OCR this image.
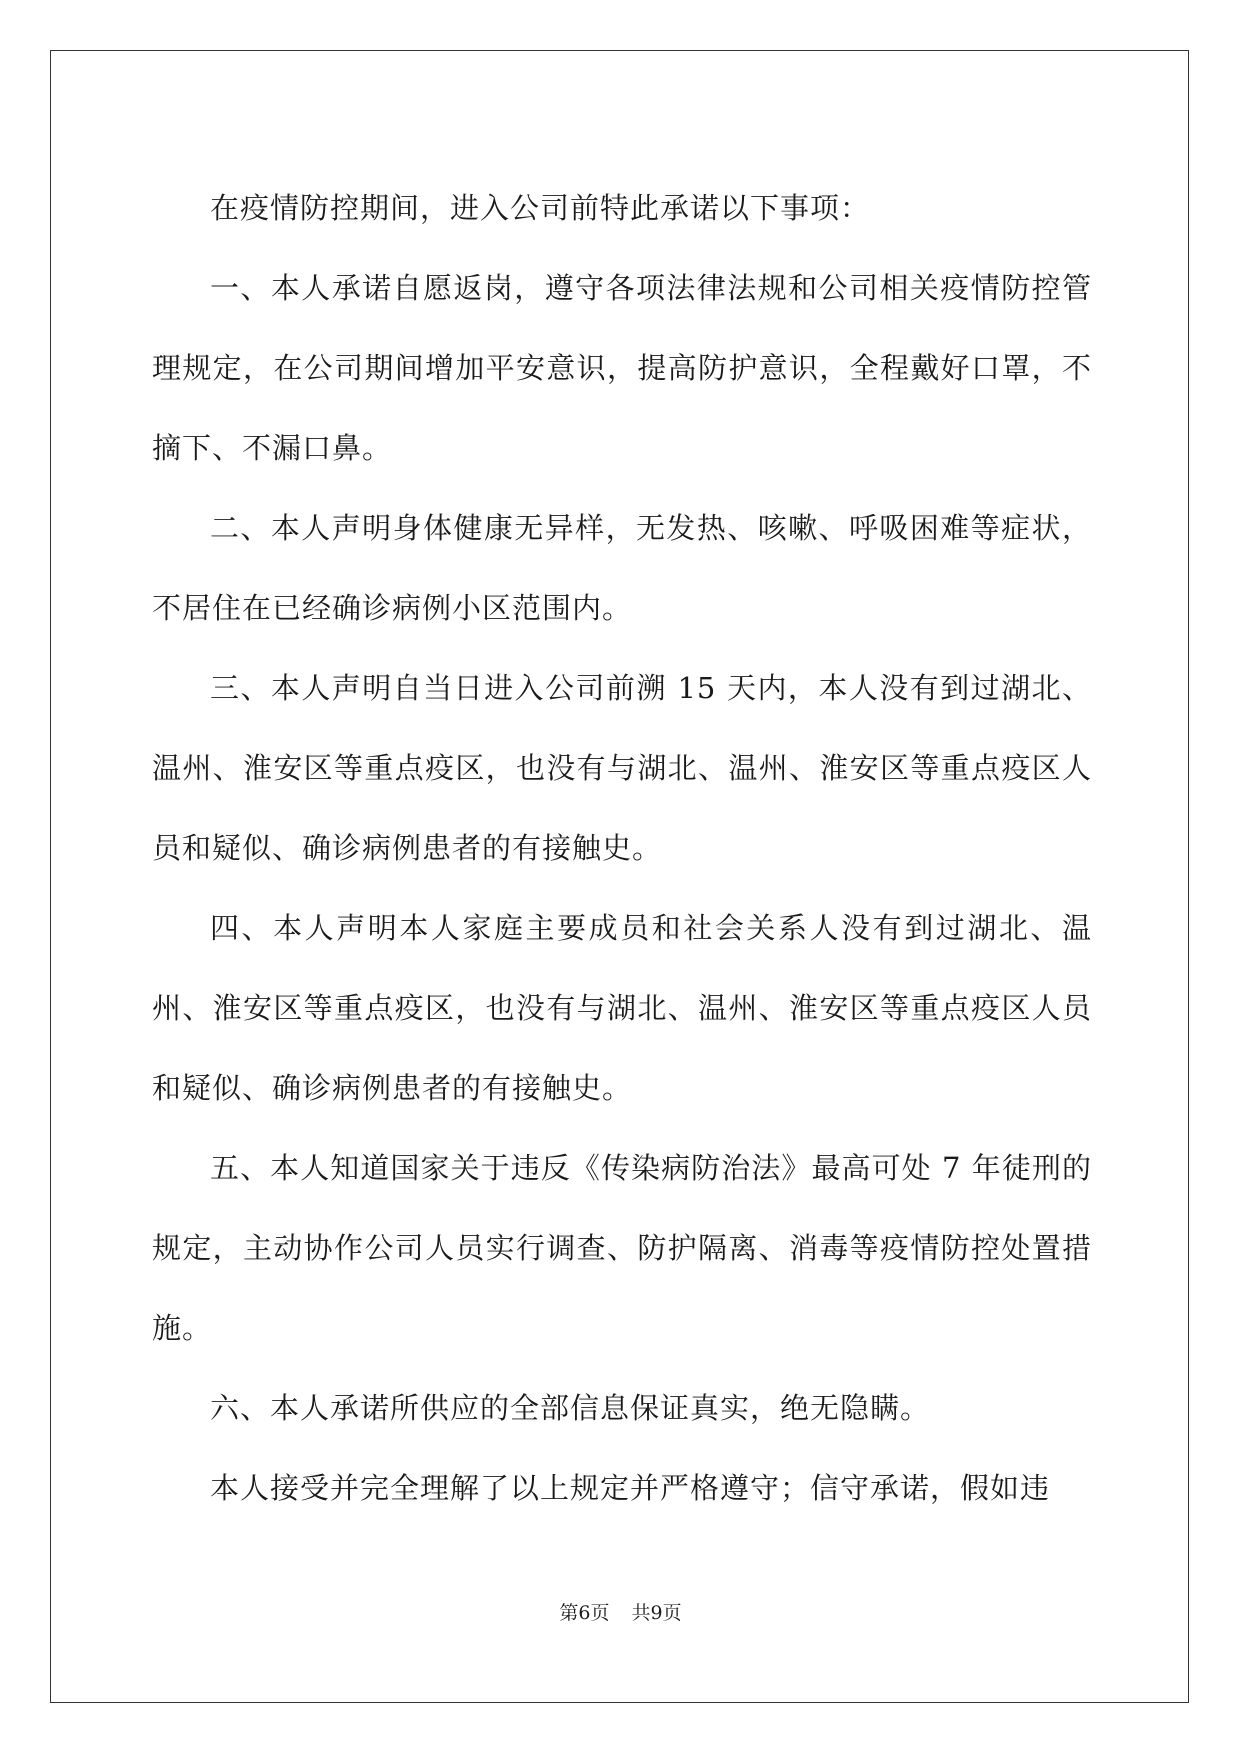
在疫情防控期间，进入公司前特此承诺以下事项：

一、本人承诺自愿返岗，遵守各项法律法规和公司相关疫情防控管理规定，在公司期间增加平安意识，提高防护意识，全程戴好口罩，不摘下、不漏口鼻。

二、本人声明身体健康无异样，无发热、咳嗽、呼吸困难等症状，不居住在已经确诊病例小区范围内。

三、本人声明自当日进入公司前溯 15 天内，本人没有到过湖北、温州、淮安区等重点疫区，也没有与湖北、温州、淮安区等重点疫区人员和疑似、确诊病例患者的有接触史。

四、本人声明本人家庭主要成员和社会关系人没有到过湖北、温州、淮安区等重点疫区，也没有与湖北、温州、淮安区等重点疫区人员和疑似、确诊病例患者的有接触史。

五、本人知道国家关于违反《传染病防治法》最高可处 7 年徒刑的规定，主动协作公司人员实行调查、防护隔离、消毒等疫情防控处置措施。

六、本人承诺所供应的全部信息保证真实，绝无隐瞒。

本人接受并完全理解了以上规定并严格遵守；信守承诺，假如违

第6页 共9页
